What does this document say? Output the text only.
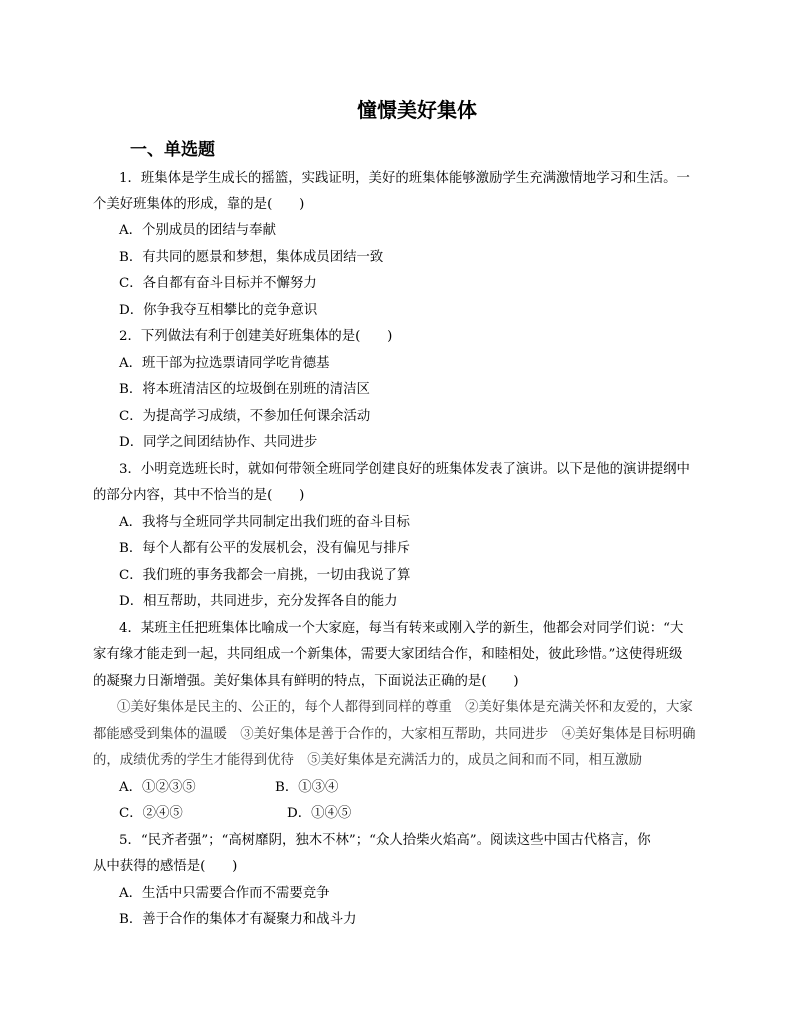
憧憬美好集体
一、单选题
1．班集体是学生成长的摇篮，实践证明，美好的班集体能够激励学生充满激情地学习和生活。一
个美好班集体的形成，靠的是(　　)
A．个别成员的团结与奉献
B．有共同的愿景和梦想，集体成员团结一致
C．各自都有奋斗目标并不懈努力
D．你争我夺互相攀比的竞争意识
2．下列做法有利于创建美好班集体的是(　　)
A．班干部为拉选票请同学吃肯德基
B．将本班清洁区的垃圾倒在别班的清洁区
C．为提高学习成绩，不参加任何课余活动
D．同学之间团结协作、共同进步
3．小明竞选班长时，就如何带领全班同学创建良好的班集体发表了演讲。以下是他的演讲提纲中
的部分内容，其中不恰当的是(　　)
A．我将与全班同学共同制定出我们班的奋斗目标
B．每个人都有公平的发展机会，没有偏见与排斥
C．我们班的事务我都会一肩挑，一切由我说了算
D．相互帮助，共同进步，充分发挥各自的能力
4．某班主任把班集体比喻成一个大家庭，每当有转来或刚入学的新生，他都会对同学们说：“大
家有缘才能走到一起，共同组成一个新集体，需要大家团结合作，和睦相处，彼此珍惜。”这使得班级
的凝聚力日渐增强。美好集体具有鲜明的特点，下面说法正确的是(　　)
①美好集体是民主的、公正的，每个人都得到同样的尊重　②美好集体是充满关怀和友爱的，大家
都能感受到集体的温暖　③美好集体是善于合作的，大家相互帮助，共同进步　④美好集体是目标明确
的，成绩优秀的学生才能得到优待　⑤美好集体是充满活力的，成员之间和而不同，相互激励
A．①②③⑤	B．①③④
C．②④⑤	D．①④⑤
5．“民齐者强”；“高树靡阴，独木不林”；“众人拾柴火焰高”。阅读这些中国古代格言，你
从中获得的感悟是(　　)
A．生活中只需要合作而不需要竞争
B．善于合作的集体才有凝聚力和战斗力
